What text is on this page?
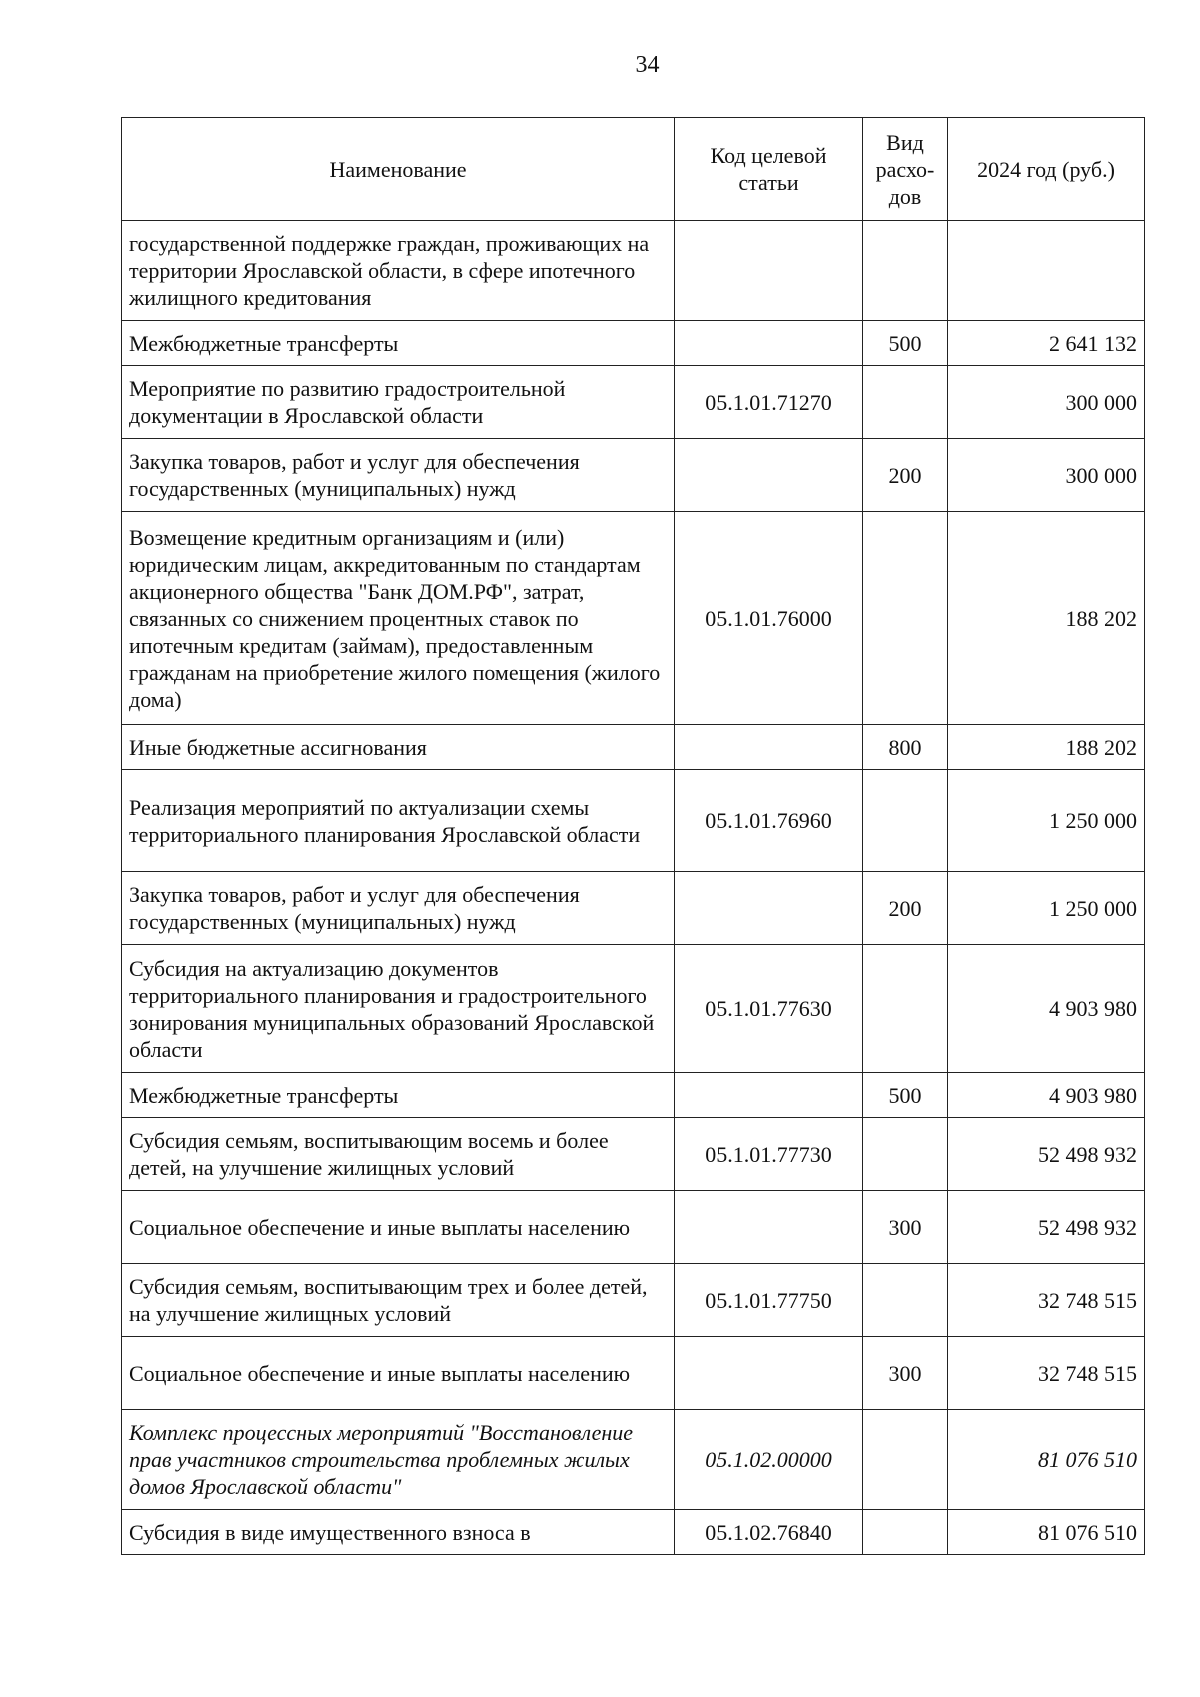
34
Наименование	Код целевой статьи	Вид расхо-дов	2024 год (руб.)
государственной поддержке граждан, проживающих на территории Ярославской области, в сфере ипотечного жилищного кредитования			
Межбюджетные трансферты		500	2 641 132
Мероприятие по развитию градостроительной документации в Ярославской области	05.1.01.71270		300 000
Закупка товаров, работ и услуг для обеспечения государственных (муниципальных) нужд		200	300 000
Возмещение кредитным организациям и (или) юридическим лицам, аккредитованным по стандартам акционерного общества "Банк ДОМ.РФ", затрат, связанных со снижением процентных ставок по ипотечным кредитам (займам), предоставленным гражданам на приобретение жилого помещения (жилого дома)	05.1.01.76000		188 202
Иные бюджетные ассигнования		800	188 202
Реализация мероприятий по актуализации схемы территориального планирования Ярославской области	05.1.01.76960		1 250 000
Закупка товаров, работ и услуг для обеспечения государственных (муниципальных) нужд		200	1 250 000
Субсидия на актуализацию документов территориального планирования и градостроительного зонирования муниципальных образований Ярославской области	05.1.01.77630		4 903 980
Межбюджетные трансферты		500	4 903 980
Субсидия семьям, воспитывающим восемь и более детей, на улучшение жилищных условий	05.1.01.77730		52 498 932
Социальное обеспечение и иные выплаты населению		300	52 498 932
Субсидия семьям, воспитывающим трех и более детей, на улучшение жилищных условий	05.1.01.77750		32 748 515
Социальное обеспечение и иные выплаты населению		300	32 748 515
Комплекс процессных мероприятий "Восстановление прав участников строительства проблемных жилых домов Ярославской области"	05.1.02.00000		81 076 510
Субсидия в виде имущественного взноса в	05.1.02.76840		81 076 510
